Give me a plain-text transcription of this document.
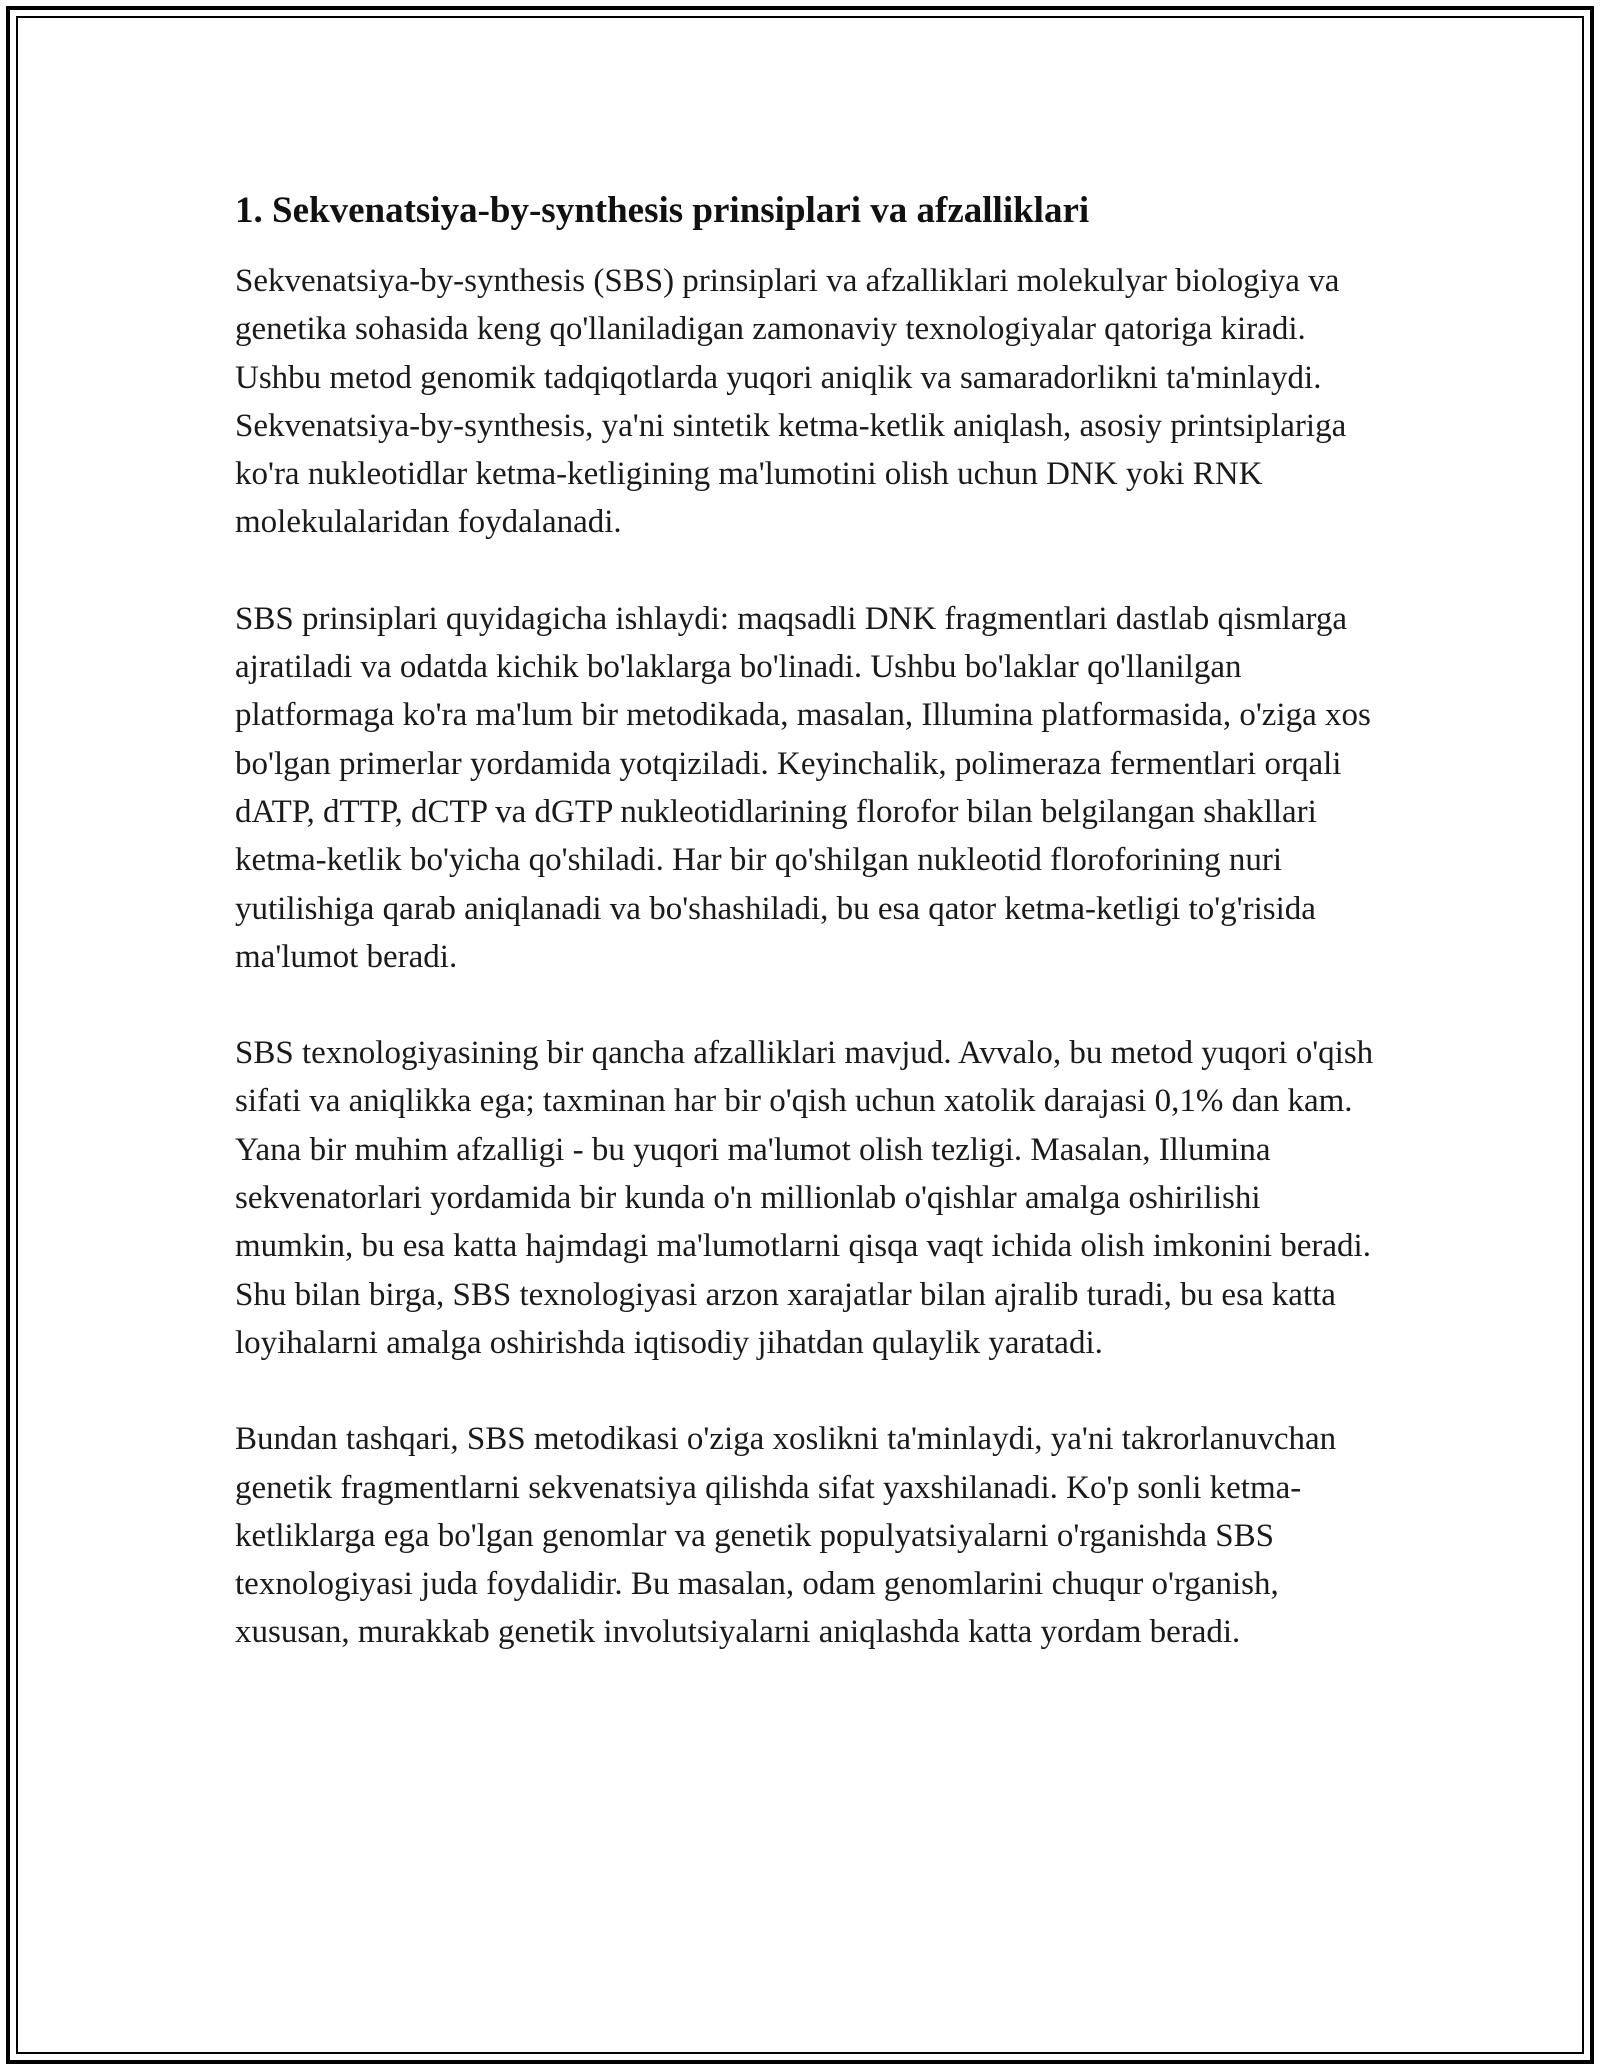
1. Sekvenatsiya-by-synthesis prinsiplari va afzalliklari

Sekvenatsiya-by-synthesis (SBS) prinsiplari va afzalliklari molekulyar biologiya va genetika sohasida keng qo'llaniladigan zamonaviy texnologiyalar qatoriga kiradi. Ushbu metod genomik tadqiqotlarda yuqori aniqlik va samaradorlikni ta'minlaydi. Sekvenatsiya-by-synthesis, ya'ni sintetik ketma-ketlik aniqlash, asosiy printsiplariga ko'ra nukleotidlar ketma-ketligining ma'lumotini olish uchun DNK yoki RNK molekulalaridan foydalanadi.

SBS prinsiplari quyidagicha ishlaydi: maqsadli DNK fragmentlari dastlab qismlarga ajratiladi va odatda kichik bo'laklarga bo'linadi. Ushbu bo'laklar qo'llanilgan platformaga ko'ra ma'lum bir metodikada, masalan, Illumina platformasida, o'ziga xos bo'lgan primerlar yordamida yotqiziladi. Keyinchalik, polimeraza fermentlari orqali dATP, dTTP, dCTP va dGTP nukleotidlarining florofor bilan belgilangan shakllari ketma-ketlik bo'yicha qo'shiladi. Har bir qo'shilgan nukleotid floroforining nuri yutilishiga qarab aniqlanadi va bo'shashiladi, bu esa qator ketma-ketligi to'g'risida ma'lumot beradi.

SBS texnologiyasining bir qancha afzalliklari mavjud. Avvalo, bu metod yuqori o'qish sifati va aniqlikka ega; taxminan har bir o'qish uchun xatolik darajasi 0,1% dan kam. Yana bir muhim afzalligi - bu yuqori ma'lumot olish tezligi. Masalan, Illumina sekvenatorlari yordamida bir kunda o'n millionlab o'qishlar amalga oshirilishi mumkin, bu esa katta hajmdagi ma'lumotlarni qisqa vaqt ichida olish imkonini beradi. Shu bilan birga, SBS texnologiyasi arzon xarajatlar bilan ajralib turadi, bu esa katta loyihalarni amalga oshirishda iqtisodiy jihatdan qulaylik yaratadi.

Bundan tashqari, SBS metodikasi o'ziga xoslikni ta'minlaydi, ya'ni takrorlanuvchan genetik fragmentlarni sekvenatsiya qilishda sifat yaxshilanadi. Ko'p sonli ketma-ketliklarga ega bo'lgan genomlar va genetik populyatsiyalarni o'rganishda SBS texnologiyasi juda foydalidir. Bu masalan, odam genomlarini chuqur o'rganish, xususan, murakkab genetik involutsiyalarni aniqlashda katta yordam beradi.
